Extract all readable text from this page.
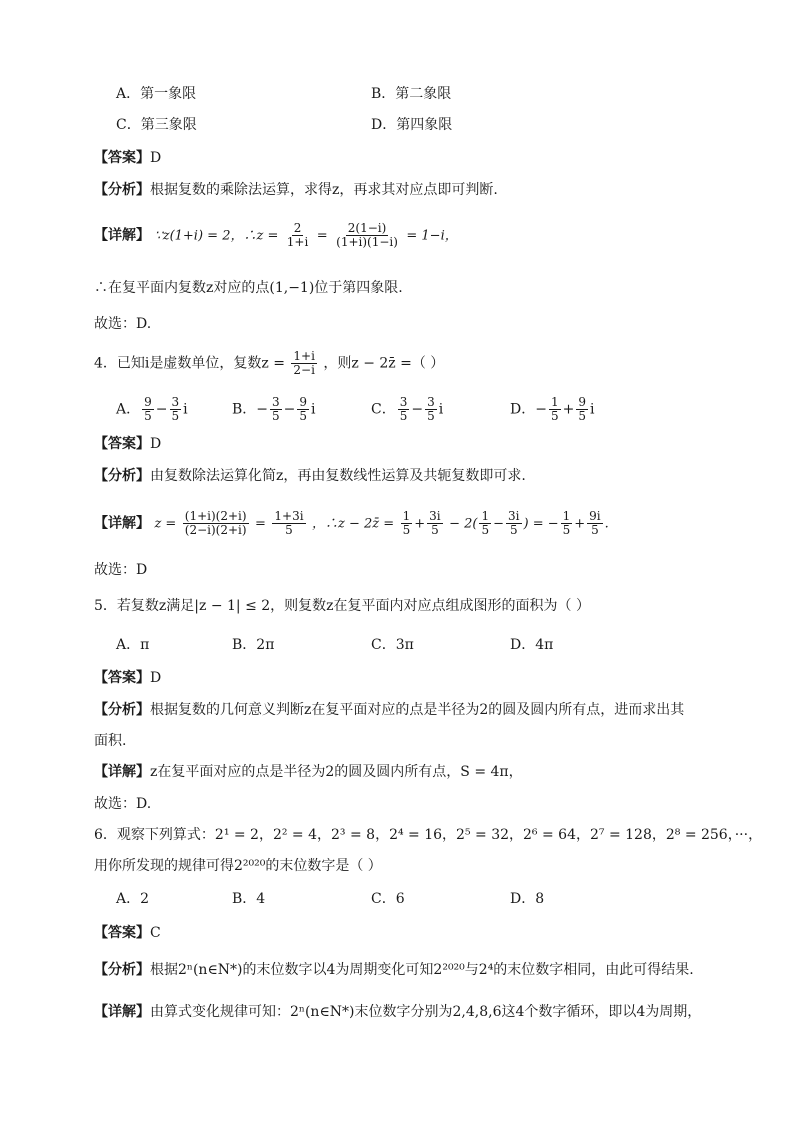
A．第一象限	B．第二象限
C．第三象限	D．第四象限
【答案】D
【分析】根据复数的乘除法运算，求得z，再求其对应点即可判断.
【详解】 ∵z(1+i) = 2，∴z = $\frac{2}{1+i} = \frac{2(1-i)}{(1+i)(1-i)} = 1-i$，
∴在复平面内复数z对应的点(1,−1)位于第四象限.
故选：D.
4．已知i是虚数单位，复数$z = \frac{1+i}{2-i}$ ，则z − 2z̄ =（ ）
A． $\frac{9}{5} - \frac{3}{5}$ i	B．− $\frac{3}{5} - \frac{9}{5}$ i	C． $\frac{3}{5} - \frac{3}{5}$ i	D．− $\frac{1}{5} + \frac{9}{5}$ i
【答案】D
【分析】由复数除法运算化简z，再由复数线性运算及共轭复数即可求.
【详解】 $z = \frac{(1+i)(2+i)}{(2-i)(2+i)} = \frac{1+3i}{5}$ ，∴z − 2z̄ = $\frac{1}{5} + \frac{3i}{5} - 2( \frac{1}{5} - \frac{3i}{5}$ ) = − $\frac{1}{5} + \frac{9i}{5}$ .
故选：D
5．若复数z满足|z − 1| ≤ 2，则复数z在复平面内对应点组成图形的面积为（ ）
A．π	B．2π	C．3π	D．4π
【答案】D
【分析】根据复数的几何意义判断z在复平面对应的点是半径为2的圆及圆内所有点，进而求出其
面积.
【详解】z在复平面对应的点是半径为2的圆及圆内所有点，S = 4π，
故选：D.
6．观察下列算式：2¹ = 2，2² = 4，2³ = 8，2⁴ = 16，2⁵ = 32，2⁶ = 64，2⁷ = 128，2⁸ = 256，···，
用你所发现的规律可得2²⁰²⁰的末位数字是（ ）
A．2	B．4	C．6	D．8
【答案】C
【分析】根据2ⁿ(n∈N*)的末位数字以4为周期变化可知2²⁰²⁰与2⁴的末位数字相同，由此可得结果.
【详解】由算式变化规律可知：2ⁿ(n∈N*)末位数字分别为2,4,8,6这4个数字循环，即以4为周期，
